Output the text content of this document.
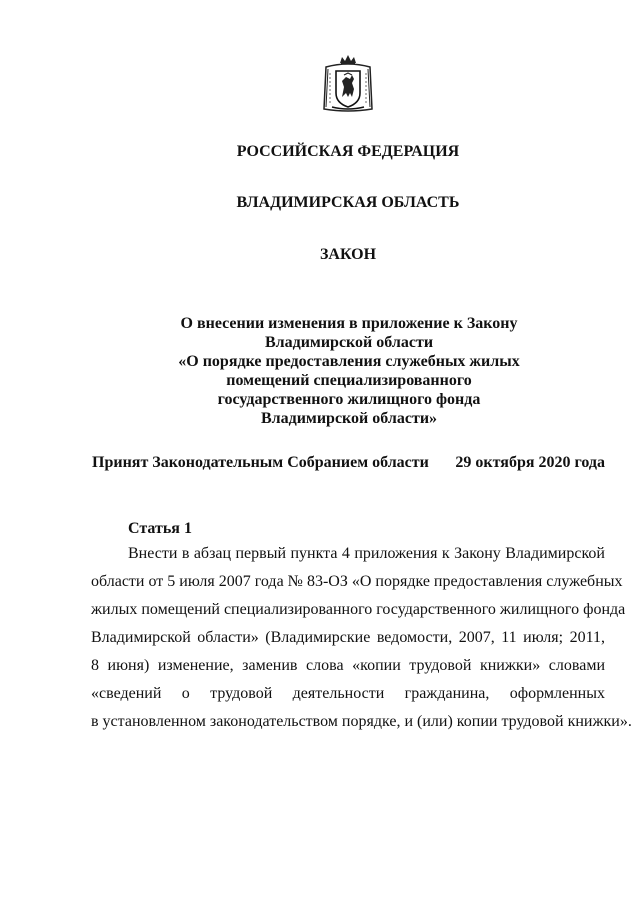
РОССИЙСКАЯ ФЕДЕРАЦИЯ
ВЛАДИМИРСКАЯ ОБЛАСТЬ
ЗАКОН
О внесении изменения в приложение к Закону
Владимирской области
«О порядке предоставления служебных жилых
помещений специализированного
государственного жилищного фонда
Владимирской области»
Принят Законодательным Собранием области 29 октября 2020 года
Статья 1
Внести в абзац первый пункта 4 приложения к Закону Владимирской
области от 5 июля 2007 года № 83-ОЗ «О порядке предоставления служебных
жилых помещений специализированного государственного жилищного фонда
Владимирской области» (Владимирские ведомости, 2007, 11 июля; 2011,
8 июня) изменение, заменив слова «копии трудовой книжки» словами
«сведений о трудовой деятельности гражданина, оформленных
в установленном законодательством порядке, и (или) копии трудовой книжки».
